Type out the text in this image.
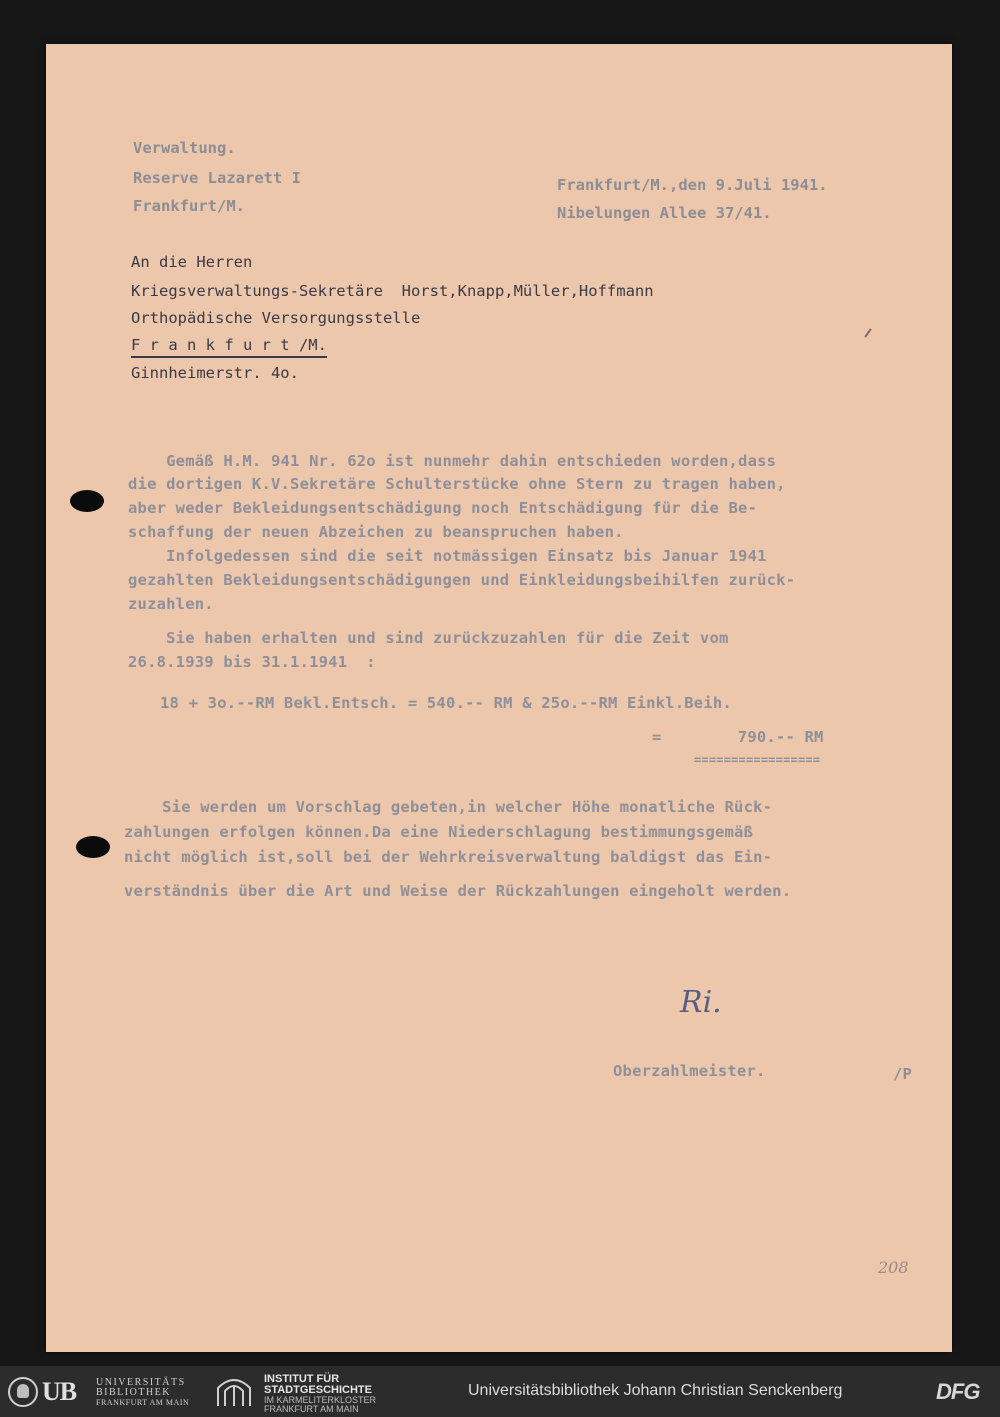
Verwaltung.
Reserve Lazarett I
Frankfurt/M.
Frankfurt/M.,den 9.Juli 1941.
Nibelungen Allee 37/41.
An die Herren
Kriegsverwaltungs-Sekretäre  Horst,Knapp,Müller,Hoffmann
Orthopädische Versorgungsstelle
F r a n k f u r t /M.
Ginnheimerstr. 4o.
Gemäß H.M. 941 Nr. 62o ist nunmehr dahin entschieden worden,dass
die dortigen K.V.Sekretäre Schulterstücke ohne Stern zu tragen haben,
aber weder Bekleidungsentschädigung noch Entschädigung für die Be-
schaffung der neuen Abzeichen zu beanspruchen haben.
Infolgedessen sind die seit notmässigen Einsatz bis Januar 1941
gezahlten Bekleidungsentschädigungen und Einkleidungsbeihilfen zurück-
zuzahlen.
Sie haben erhalten und sind zurückzuzahlen für die Zeit vom
26.8.1939 bis 31.1.1941  :
18 + 3o.--RM Bekl.Entsch. = 540.-- RM & 25o.--RM Einkl.Beih.
=        790.-- RM
=================
Sie werden um Vorschlag gebeten,in welcher Höhe monatliche Rück-
zahlungen erfolgen können.Da eine Niederschlagung bestimmungsgemäß
nicht möglich ist,soll bei der Wehrkreisverwaltung baldigst das Ein-
verständnis über die Art und Weise der Rückzahlungen eingeholt werden.
Ri.
Oberzahlmeister.	/P
208
UB UNIVERSITÄTS
BIBLIOTHEK
FRANKFURT AM MAIN
INSTITUT FÜR
STADTGESCHICHTE
IM KARMELITERKLOSTER
FRANKFURT AM MAIN
Universitätsbibliothek Johann Christian Senckenberg	DFG
